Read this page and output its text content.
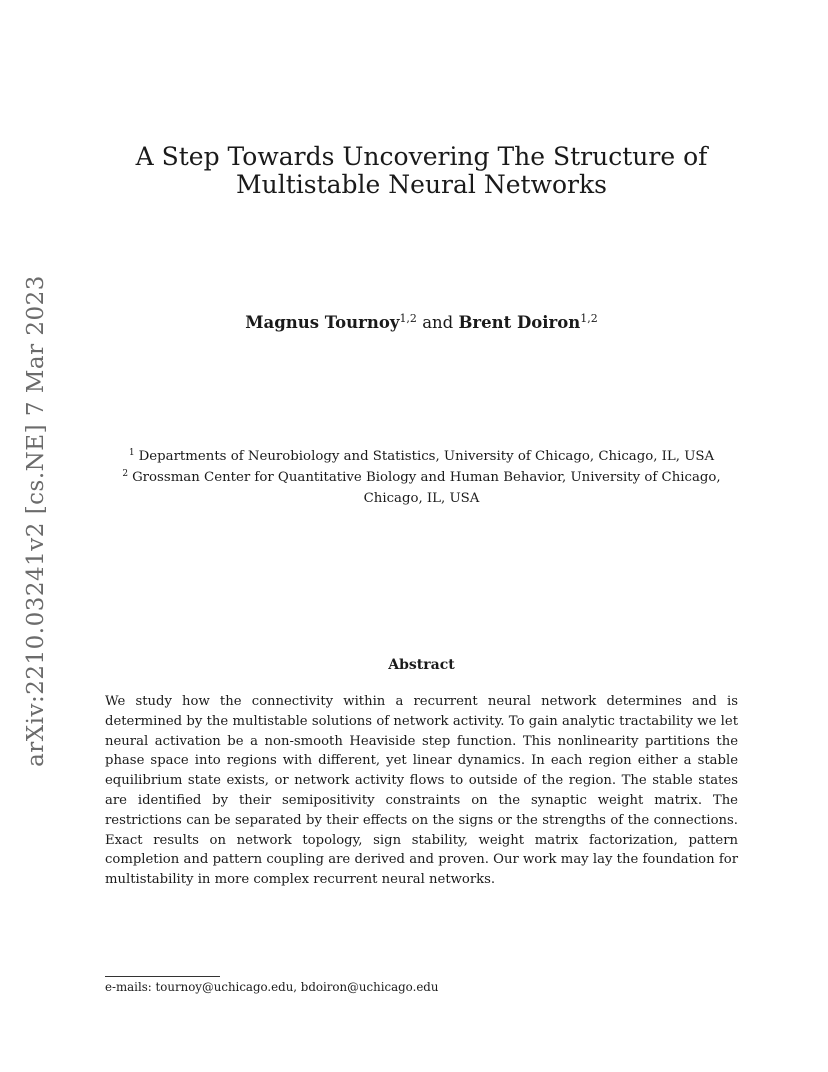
arXiv:2210.03241v2 [cs.NE] 7 Mar 2023
A Step Towards Uncovering The Structure of
Multistable Neural Networks
Magnus Tournoy$^{1,2}$ and Brent Doiron$^{1,2}$
$^1$ Departments of Neurobiology and Statistics, University of Chicago, Chicago, IL, USA
$^2$ Grossman Center for Quantitative Biology and Human Behavior, University of Chicago,
Chicago, IL, USA
Abstract

We study how the connectivity within a recurrent neural network determines and is determined by the multistable solutions of network activity. To gain analytic tractability we let neural activation be a non-smooth Heaviside step function. This nonlinearity partitions the phase space into regions with different, yet linear dynamics. In each region either a stable equilibrium state exists, or network activity flows to outside of the region. The stable states are identified by their semipositivity constraints on the synaptic weight matrix. The restrictions can be separated by their effects on the signs or the strengths of the connections. Exact results on network topology, sign stability, weight matrix factorization, pattern completion and pattern coupling are derived and proven. Our work may lay the foundation for multistability in more complex recurrent neural networks.

e-mails: tournoy@uchicago.edu, bdoiron@uchicago.edu
